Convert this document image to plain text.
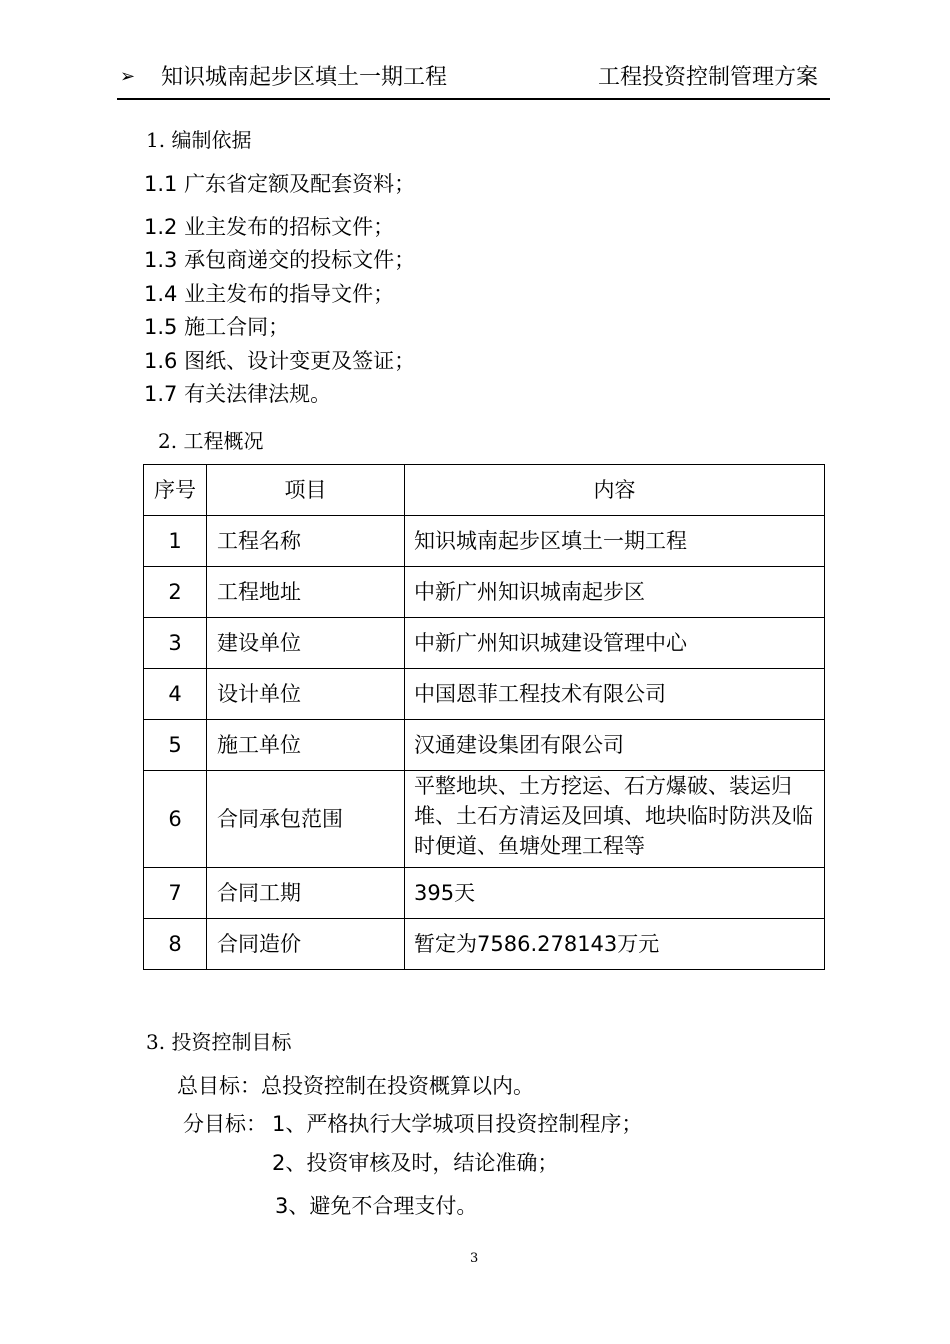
➢ 知识城南起步区填土一期工程	工程投资控制管理方案
1. 编制依据
1.1 广东省定额及配套资料；
1.2 业主发布的招标文件；
1.3 承包商递交的投标文件；
1.4 业主发布的指导文件；
1.5 施工合同；
1.6 图纸、设计变更及签证；
1.7 有关法律法规。
2. 工程概况
序号	项目	内容
1	工程名称	知识城南起步区填土一期工程
2	工程地址	中新广州知识城南起步区
3	建设单位	中新广州知识城建设管理中心
4	设计单位	中国恩菲工程技术有限公司
5	施工单位	汉通建设集团有限公司
6	合同承包范围	平整地块、土方挖运、石方爆破、装运归堆、土石方清运及回填、地块临时防洪及临时便道、鱼塘处理工程等

7	合同工期	395天
8	合同造价	暂定为7586.278143万元
3. 投资控制目标
总目标：总投资控制在投资概算以内。
分目标： 1、严格执行大学城项目投资控制程序；
2、投资审核及时，结论准确；
3、避免不合理支付。
3
